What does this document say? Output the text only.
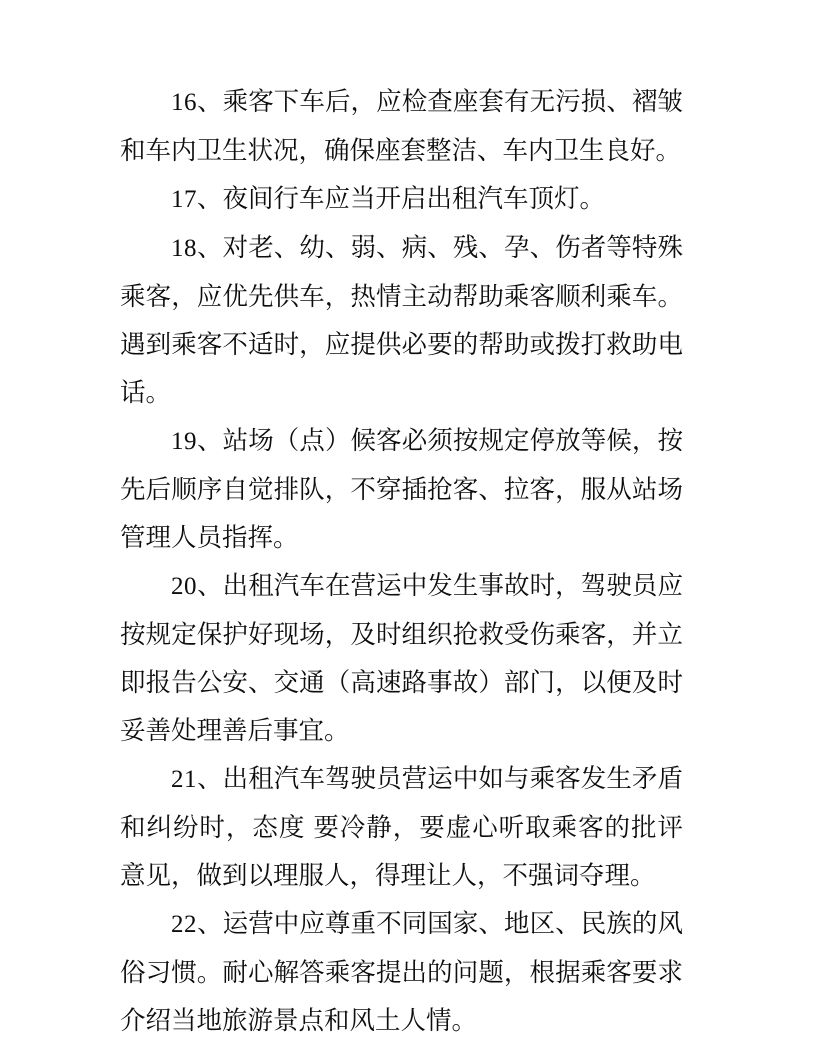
16、乘客下车后，应检查座套有无污损、褶皱和车内卫生状况，确保座套整洁、车内卫生良好。

17、夜间行车应当开启出租汽车顶灯。

18、对老、幼、弱、病、残、孕、伤者等特殊乘客，应优先供车，热情主动帮助乘客顺利乘车。遇到乘客不适时，应提供必要的帮助或拨打救助电话。

19、站场（点）候客必须按规定停放等候，按先后顺序自觉排队，不穿插抢客、拉客，服从站场管理人员指挥。

20、出租汽车在营运中发生事故时，驾驶员应按规定保护好现场，及时组织抢救受伤乘客，并立即报告公安、交通（高速路事故）部门，以便及时妥善处理善后事宜。

21、出租汽车驾驶员营运中如与乘客发生矛盾和纠纷时，态度 要冷静，要虚心听取乘客的批评意见，做到以理服人，得理让人，不强词夺理。

22、运营中应尊重不同国家、地区、民族的风俗习惯。耐心解答乘客提出的问题，根据乘客要求介绍当地旅游景点和风土人情。
